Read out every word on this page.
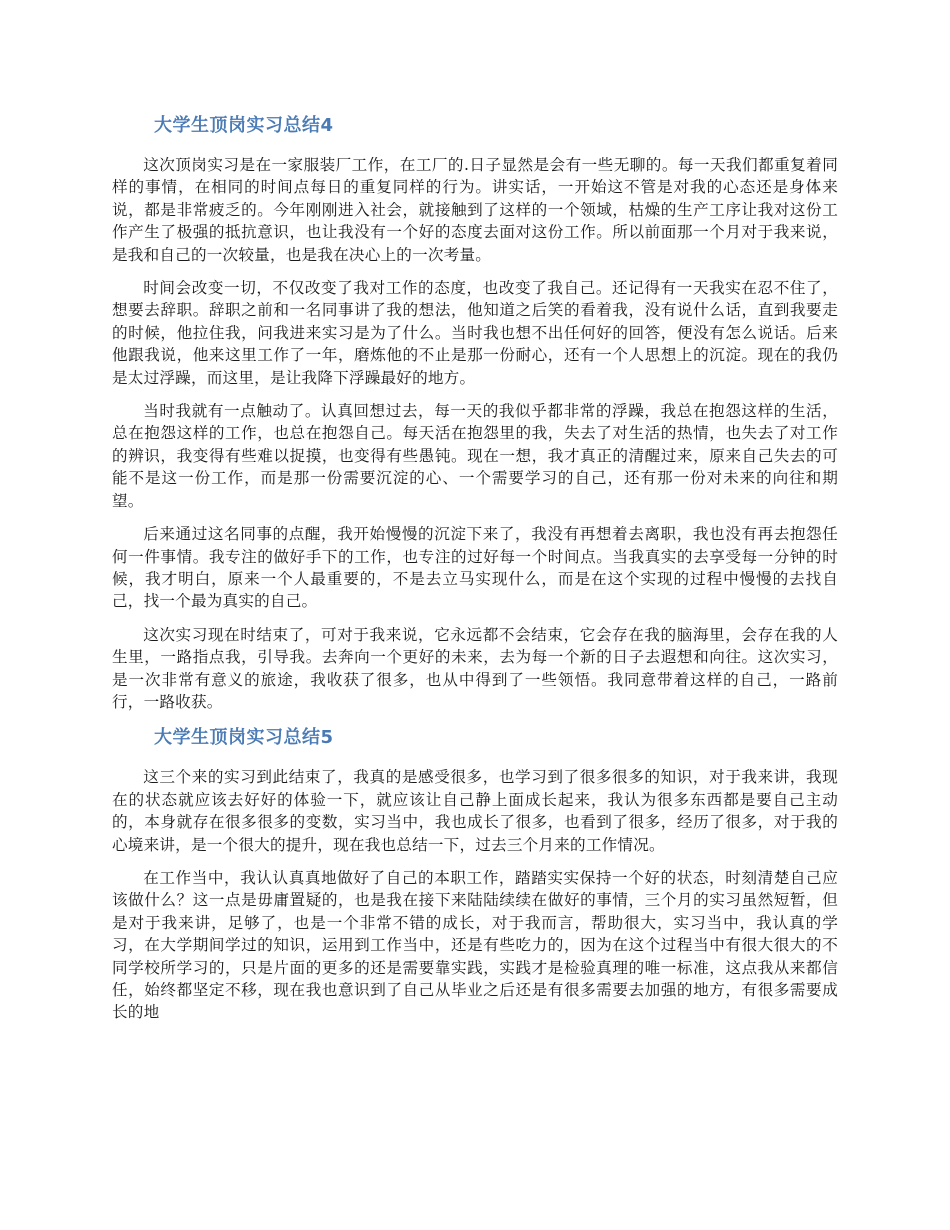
大学生顶岗实习总结4

这次顶岗实习是在一家服装厂工作，在工厂的.日子显然是会有一些无聊的。每一天我们都重复着同样的事情，在相同的时间点每日的重复同样的行为。讲实话，一开始这不管是对我的心态还是身体来说，都是非常疲乏的。今年刚刚进入社会，就接触到了这样的一个领域，枯燥的生产工序让我对这份工作产生了极强的抵抗意识，也让我没有一个好的态度去面对这份工作。所以前面那一个月对于我来说，是我和自己的一次较量，也是我在决心上的一次考量。

时间会改变一切，不仅改变了我对工作的态度，也改变了我自己。还记得有一天我实在忍不住了，想要去辞职。辞职之前和一名同事讲了我的想法，他知道之后笑的看着我，没有说什么话，直到我要走的时候，他拉住我，问我进来实习是为了什么。当时我也想不出任何好的回答，便没有怎么说话。后来他跟我说，他来这里工作了一年，磨炼他的不止是那一份耐心，还有一个人思想上的沉淀。现在的我仍是太过浮躁，而这里，是让我降下浮躁最好的地方。

当时我就有一点触动了。认真回想过去，每一天的我似乎都非常的浮躁，我总在抱怨这样的生活，总在抱怨这样的工作，也总在抱怨自己。每天活在抱怨里的我，失去了对生活的热情，也失去了对工作的辨识，我变得有些难以捉摸，也变得有些愚钝。现在一想，我才真正的清醒过来，原来自己失去的可能不是这一份工作，而是那一份需要沉淀的心、一个需要学习的自己，还有那一份对未来的向往和期望。

后来通过这名同事的点醒，我开始慢慢的沉淀下来了，我没有再想着去离职，我也没有再去抱怨任何一件事情。我专注的做好手下的工作，也专注的过好每一个时间点。当我真实的去享受每一分钟的时候，我才明白，原来一个人最重要的，不是去立马实现什么，而是在这个实现的过程中慢慢的去找自己，找一个最为真实的自己。

这次实习现在时结束了，可对于我来说，它永远都不会结束，它会存在我的脑海里，会存在我的人生里，一路指点我，引导我。去奔向一个更好的未来，去为每一个新的日子去遐想和向往。这次实习，是一次非常有意义的旅途，我收获了很多，也从中得到了一些领悟。我同意带着这样的自己，一路前行，一路收获。

大学生顶岗实习总结5

这三个来的实习到此结束了，我真的是感受很多，也学习到了很多很多的知识，对于我来讲，我现在的状态就应该去好好的体验一下，就应该让自己静上面成长起来，我认为很多东西都是要自己主动的，本身就存在很多很多的变数，实习当中，我也成长了很多，也看到了很多，经历了很多，对于我的心境来讲，是一个很大的提升，现在我也总结一下，过去三个月来的工作情况。

在工作当中，我认认真真地做好了自己的本职工作，踏踏实实保持一个好的状态，时刻清楚自己应该做什么？这一点是毋庸置疑的，也是我在接下来陆陆续续在做好的事情，三个月的实习虽然短暂，但是对于我来讲，足够了，也是一个非常不错的成长，对于我而言，帮助很大，实习当中，我认真的学习，在大学期间学过的知识，运用到工作当中，还是有些吃力的，因为在这个过程当中有很大很大的不同学校所学习的，只是片面的更多的还是需要靠实践，实践才是检验真理的唯一标准，这点我从来都信任，始终都坚定不移，现在我也意识到了自己从毕业之后还是有很多需要去加强的地方，有很多需要成长的地
